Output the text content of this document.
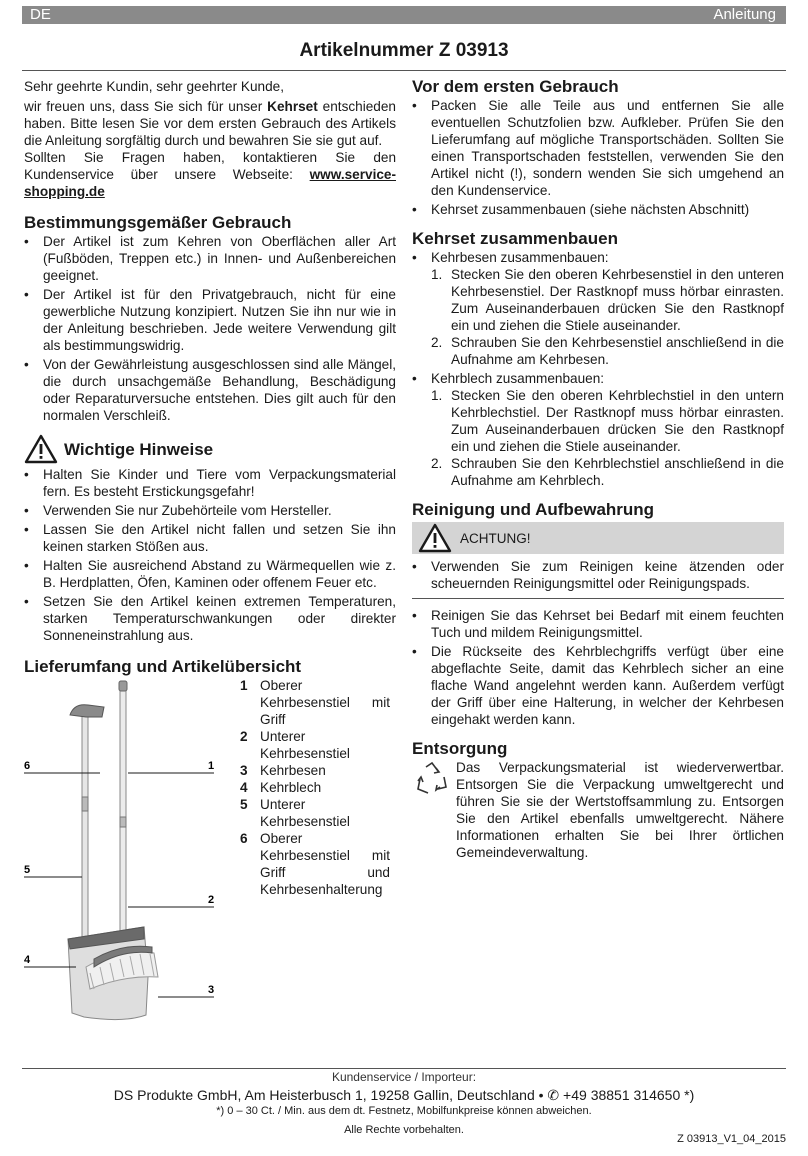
DE	Anleitung
Artikelnummer Z 03913

Sehr geehrte Kundin, sehr geehrter Kunde,

wir freuen uns, dass Sie sich für unser Kehrset entschieden haben. Bitte lesen Sie vor dem ersten Gebrauch des Artikels die Anleitung sorgfältig durch und bewahren Sie sie gut auf.

Sollten Sie Fragen haben, kontaktieren Sie den Kundenservice über unsere Webseite: www.service-shopping.de

Bestimmungsgemäßer Gebrauch
• Der Artikel ist zum Kehren von Oberflächen aller Art (Fußböden, Treppen etc.) in Innen- und Außenbereichen geeignet.
• Der Artikel ist für den Privatgebrauch, nicht für eine gewerbliche Nutzung konzipiert. Nutzen Sie ihn nur wie in der Anleitung beschrieben. Jede weitere Verwendung gilt als bestimmungswidrig.
• Von der Gewährleistung ausgeschlossen sind alle Mängel, die durch unsachgemäße Behandlung, Beschädigung oder Reparaturversuche entstehen. Dies gilt auch für den normalen Verschleiß.
Wichtige Hinweise
• Halten Sie Kinder und Tiere vom Verpackungsmaterial fern. Es besteht Erstickungsgefahr!
• Verwenden Sie nur Zubehörteile vom Hersteller.
• Lassen Sie den Artikel nicht fallen und setzen Sie ihn keinen starken Stößen aus.
• Halten Sie ausreichend Abstand zu Wärmequellen wie z. B. Herdplatten, Öfen, Kaminen oder offenem Feuer etc.
• Setzen Sie den Artikel keinen extremen Temperaturen, starken Temperaturschwankungen oder direkter Sonneneinstrahlung aus.
Lieferumfang und Artikelübersicht
6	1
5
2
4
3
1 Oberer Kehrbesenstiel mit Griff
2 Unterer Kehrbesenstiel
3 Kehrbesen
4 Kehrblech
5 Unterer Kehrbesenstiel
6 Oberer Kehrbesenstiel mit Griff und Kehrbesenhalterung
Vor dem ersten Gebrauch
• Packen Sie alle Teile aus und entfernen Sie alle eventuellen Schutzfolien bzw. Aufkleber. Prüfen Sie den Lieferumfang auf mögliche Transportschäden. Sollten Sie einen Transportschaden feststellen, verwenden Sie den Artikel nicht (!), sondern wenden Sie sich umgehend an den Kundenservice.
• Kehrset zusammenbauen (siehe nächsten Abschnitt)
Kehrset zusammenbauen
• Kehrbesen zusammenbauen:
1. Stecken Sie den oberen Kehrbesenstiel in den unteren Kehrbesenstiel. Der Rastknopf muss hörbar einrasten. Zum Auseinanderbauen drücken Sie den Rastknopf ein und ziehen die Stiele auseinander.
2. Schrauben Sie den Kehrbesenstiel anschließend in die Aufnahme am Kehrbesen.
• Kehrblech zusammenbauen:
1. Stecken Sie den oberen Kehrblechstiel in den untern Kehrblechstiel. Der Rastknopf muss hörbar einrasten. Zum Auseinanderbauen drücken Sie den Rastknopf ein und ziehen die Stiele auseinander.
2. Schrauben Sie den Kehrblechstiel anschließend in die Aufnahme am Kehrblech.
Reinigung und Aufbewahrung
ACHTUNG!
• Verwenden Sie zum Reinigen keine ätzenden oder scheuernden Reinigungsmittel oder Reinigungspads.
• Reinigen Sie das Kehrset bei Bedarf mit einem feuchten Tuch und mildem Reinigungsmittel.
• Die Rückseite des Kehrblechgriffs verfügt über eine abgeflachte Seite, damit das Kehrblech sicher an eine flache Wand angelehnt werden kann. Außerdem verfügt der Griff über eine Halterung, in welcher der Kehrbesen eingehakt werden kann.
Entsorgung

Das Verpackungsmaterial ist wiederverwertbar. Entsorgen Sie die Verpackung umweltgerecht und führen Sie sie der Wertstoffsammlung zu. Entsorgen Sie den Artikel ebenfalls umweltgerecht. Nähere Informationen erhalten Sie bei Ihrer örtlichen Gemeindeverwaltung.

Kundenservice / Importeur:
DS Produkte GmbH, Am Heisterbusch 1, 19258 Gallin, Deutschland • ✆ +49 38851 314650 *)
*) 0 – 30 Ct. / Min. aus dem dt. Festnetz, Mobilfunkpreise können abweichen.
Alle Rechte vorbehalten.
Z 03913_V1_04_2015
